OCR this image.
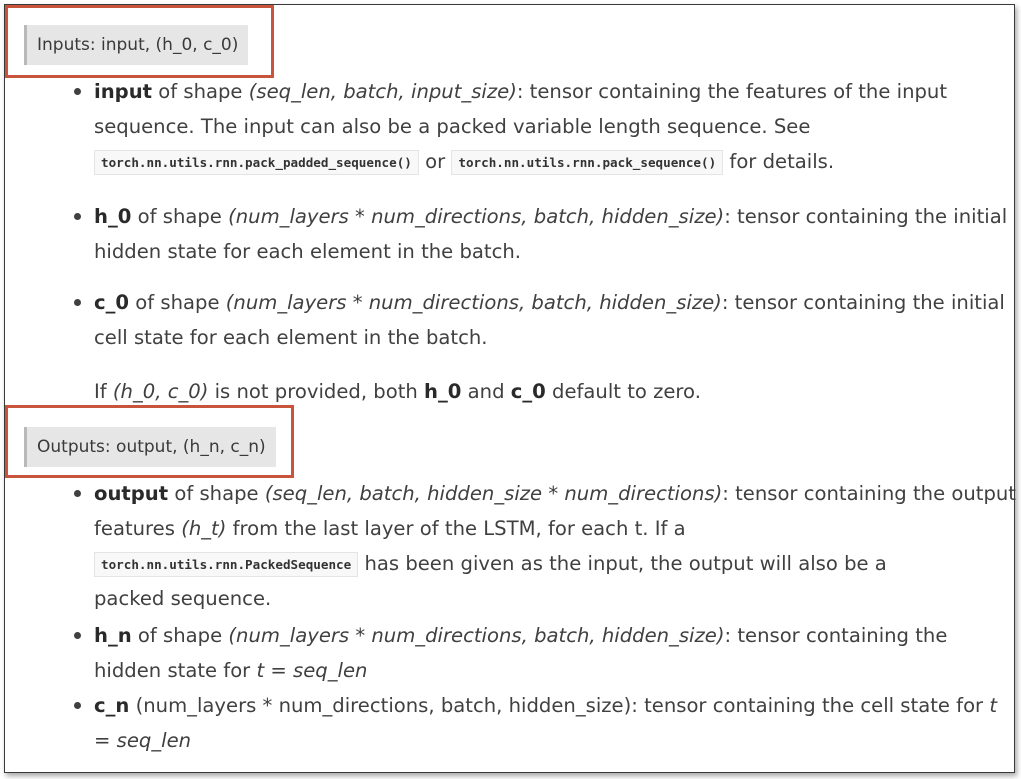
Inputs: input, (h_0, c_0)
input of shape (seq_len, batch, input_size): tensor containing the features of the input
sequence. The input can also be a packed variable length sequence. See
torch.nn.utils.rnn.pack_padded_sequence() or torch.nn.utils.rnn.pack_sequence() for details.
h_0 of shape (num_layers * num_directions, batch, hidden_size): tensor containing the initial
hidden state for each element in the batch.
c_0 of shape (num_layers * num_directions, batch, hidden_size): tensor containing the initial
cell state for each element in the batch.
If (h_0, c_0) is not provided, both h_0 and c_0 default to zero.
Outputs: output, (h_n, c_n)
output of shape (seq_len, batch, hidden_size * num_directions): tensor containing the output
features (h_t) from the last layer of the LSTM, for each t. If a
torch.nn.utils.rnn.PackedSequence has been given as the input, the output will also be a
packed sequence.
h_n of shape (num_layers * num_directions, batch, hidden_size): tensor containing the
hidden state for t = seq_len
c_n (num_layers * num_directions, batch, hidden_size): tensor containing the cell state for t
= seq_len
